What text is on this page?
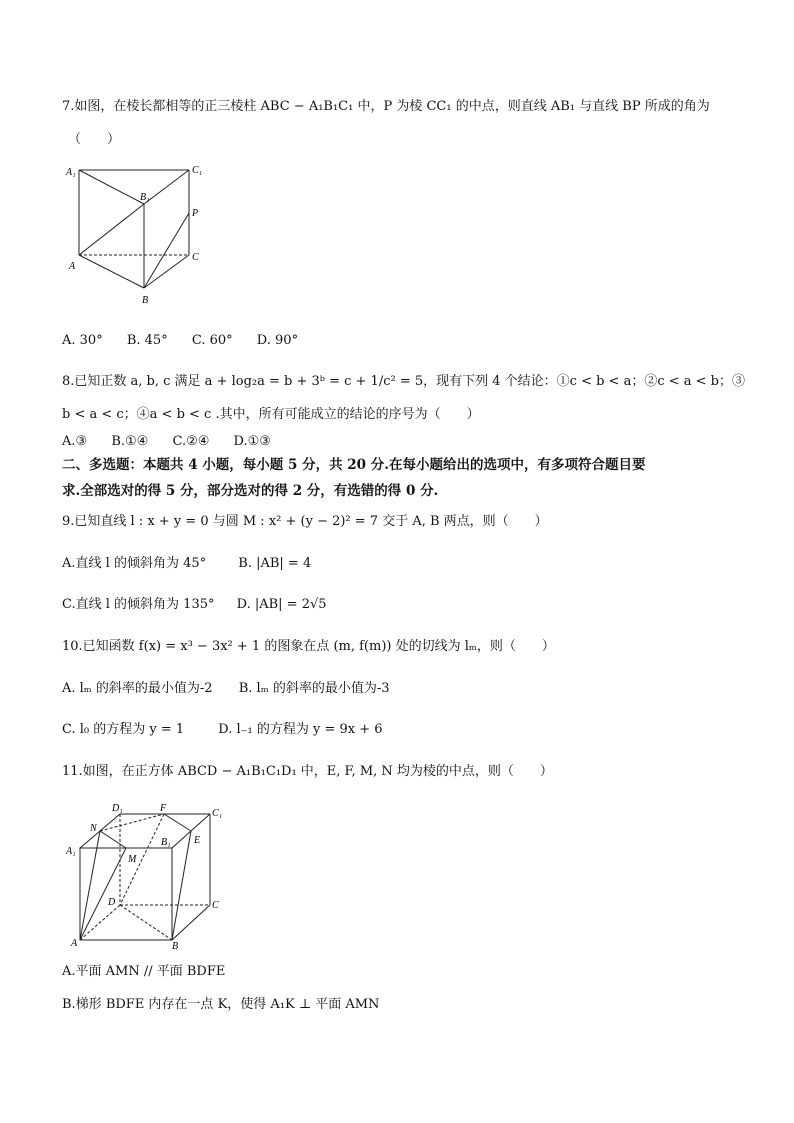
7.如图，在棱长都相等的正三棱柱 ABC − A₁B₁C₁ 中，P 为棱 CC₁ 的中点，则直线 AB₁ 与直线 BP 所成的角为
（　　）
A₁	C₁
B₁
P
C
A
B
A. 30° B. 45° C. 60° D. 90°
8.已知正数 a, b, c 满足 a + log₂a = b + 3ᵇ = c + 1/c² = 5，现有下列 4 个结论：①c < b < a；②c < a < b；③
b < a < c；④a < b < c .其中，所有可能成立的结论的序号为（　　）
A.③ B.①④ C.②④ D.①③
二、多选题：本题共 4 小题，每小题 5 分，共 20 分.在每小题给出的选项中，有多项符合题目要
求.全部选对的得 5 分，部分选对的得 2 分，有选错的得 0 分.
9.已知直线 l : x + y = 0 与圆 M : x² + (y − 2)² = 7 交于 A, B 两点，则（　　）
A.直线 l 的倾斜角为 45° B. |AB| = 4
C.直线 l 的倾斜角为 135° D. |AB| = 2√5
10.已知函数 f(x) = x³ − 3x² + 1 的图象在点 (m, f(m)) 处的切线为 lₘ，则（　　）
A. lₘ 的斜率的最小值为-2 B. lₘ 的斜率的最小值为-3
C. l₀ 的方程为 y = 1	D. l₋₁ 的方程为 y = 9x + 6
11.如图，在正方体 ABCD − A₁B₁C₁D₁ 中，E, F, M, N 均为棱的中点，则（　　）
D₁	F	C₁
N
B₁ E
A₁
M
D	C
A	B
A.平面 AMN // 平面 BDFE
B.梯形 BDFE 内存在一点 K，使得 A₁K ⊥ 平面 AMN
